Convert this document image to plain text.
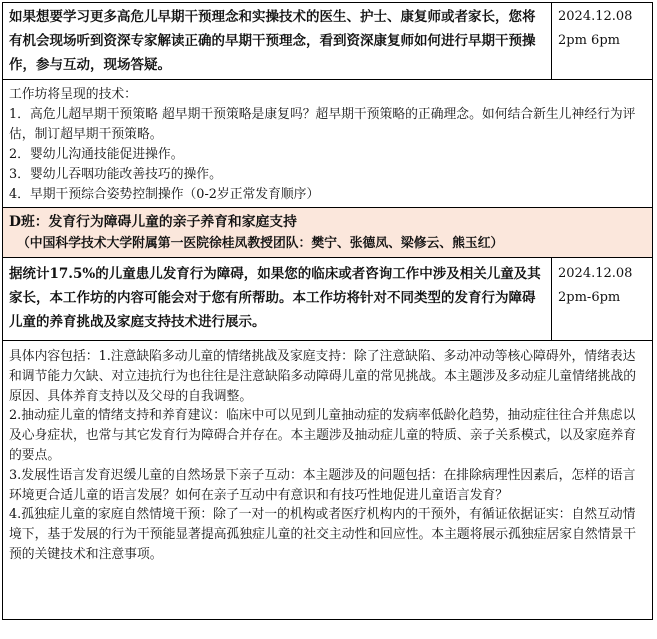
如果想要学习更多高危儿早期干预理念和实操技术的医生、护士、康复师或者家长，您将有机会现场听到资深专家解读正确的早期干预理念，看到资深康复师如何进行早期干预操作，参与互动，现场答疑。	2024.12.08
2pm 6pm

工作坊将呈现的技术：
1．高危儿超早期干预策略 超早期干预策略是康复吗？超早期干预策略的正确理念。如何结合新生儿神经行为评估，制订超早期干预策略。
2．婴幼儿沟通技能促进操作。
3．婴幼儿吞咽功能改善技巧的操作。
4．早期干预综合姿势控制操作（0-2岁正常发育顺序）	

D班：发育行为障碍儿童的亲子养育和家庭支持
（中国科学技术大学附属第一医院徐桂凤教授团队：樊宁、张德凤、梁修云、熊玉红）	

据统计17.5%的儿童患儿发育行为障碍，如果您的临床或者咨询工作中涉及相关儿童及其家长，本工作坊的内容可能会对于您有所帮助。本工作坊将针对不同类型的发育行为障碍儿童的养育挑战及家庭支持技术进行展示。	2024.12.08
2pm-6pm

具体内容包括：1.注意缺陷多动儿童的情绪挑战及家庭支持：除了注意缺陷、多动冲动等核心障碍外，情绪表达和调节能力欠缺、对立违抗行为也往往是注意缺陷多动障碍儿童的常见挑战。本主题涉及多动症儿童情绪挑战的原因、具体养育支持以及父母的自我调整。
2.抽动症儿童的情绪支持和养育建议：临床中可以见到儿童抽动症的发病率低龄化趋势，抽动症往往合并焦虑以及心身症状，也常与其它发育行为障碍合并存在。本主题涉及抽动症儿童的特质、亲子关系模式，以及家庭养育的要点。
3.发展性语言发育迟缓儿童的自然场景下亲子互动：本主题涉及的问题包括：在排除病理性因素后，怎样的语言环境更合适儿童的语言发展？如何在亲子互动中有意识和有技巧性地促进儿童语言发育？
4.孤独症儿童的家庭自然情境干预：除了一对一的机构或者医疗机构内的干预外，有循证依据证实：自然互动情境下，基于发展的行为干预能显著提高孤独症儿童的社交主动性和回应性。本主题将展示孤独症居家自然情景干预的关键技术和注意事项。	
